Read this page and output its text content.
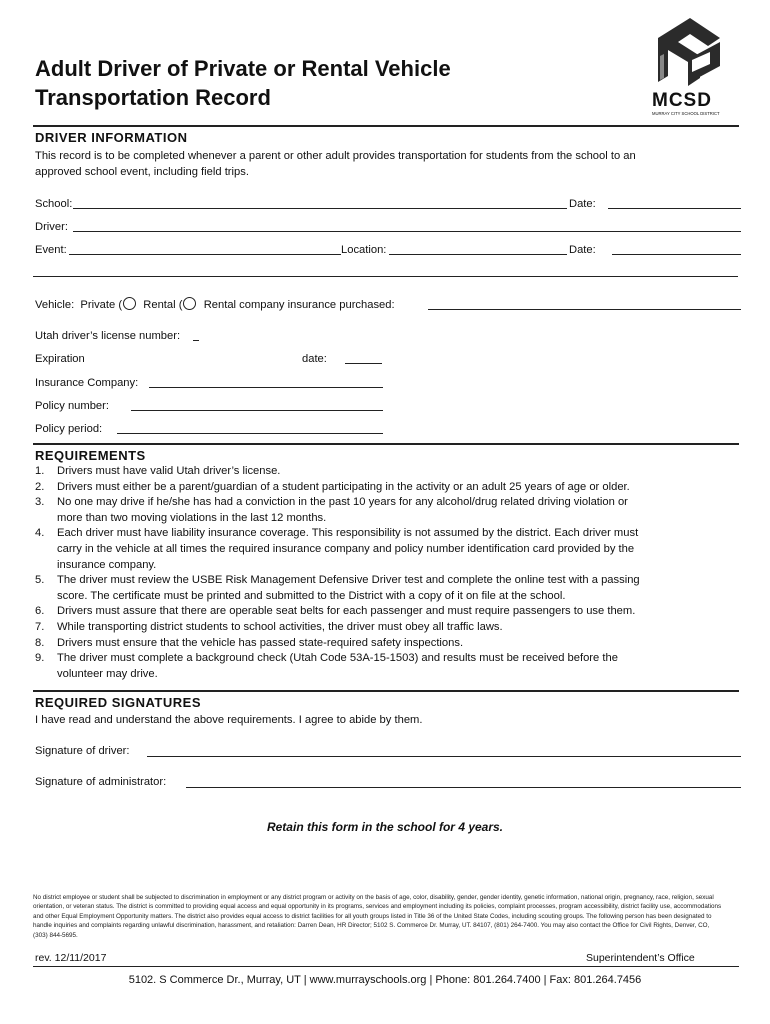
Adult Driver of Private or Rental Vehicle
Transportation Record	MCSD
MURRAY CITY SCHOOL DISTRICT
DRIVER INFORMATION
This record is to be completed whenever a parent or other adult provides transportation for students from the school to an
approved school event, including field trips.
School:	Date:
Driver:
Event:	Location:	Date:
Vehicle: Private ( Rental ( Rental company insurance purchased:
Utah driver’s license number:
Expiration	date:
Insurance Company:
Policy number:
Policy period:
REQUIREMENTS
1.	Drivers must have valid Utah driver’s license.
2.	Drivers must either be a parent/guardian of a student participating in the activity or an adult 25 years of age or older.
3.	No one may drive if he/she has had a conviction in the past 10 years for any alcohol/drug related driving violation or
more than two moving violations in the last 12 months.
4.	Each driver must have liability insurance coverage. This responsibility is not assumed by the district. Each driver must
carry in the vehicle at all times the required insurance company and policy number identification card provided by the
insurance company.
5.	The driver must review the USBE Risk Management Defensive Driver test and complete the online test with a passing
score. The certificate must be printed and submitted to the District with a copy of it on file at the school.
6.	Drivers must assure that there are operable seat belts for each passenger and must require passengers to use them.
7.	While transporting district students to school activities, the driver must obey all traffic laws.
8.	Drivers must ensure that the vehicle has passed state-required safety inspections.
9.	The driver must complete a background check (Utah Code 53A-15-1503) and results must be received before the
volunteer may drive.
REQUIRED SIGNATURES
I have read and understand the above requirements. I agree to abide by them.
Signature of driver:
Signature of administrator:
Retain this form in the school for 4 years.
No district employee or student shall be subjected to discrimination in employment or any district program or activity on the basis of age, color, disability, gender, gender identity, genetic information, national origin, pregnancy, race, religion, sexual orientation, or veteran status. The district is committed to providing equal access and equal opportunity in its programs, services and employment including its policies, complaint processes, program accessibility, district facility use, accommodations and other Equal Employment Opportunity matters. The district also provides equal access to district facilities for all youth groups listed in Title 36 of the United State Codes, including scouting groups. The following person has been designated to handle inquiries and complaints regarding unlawful discrimination, harassment, and retaliation: Darren Dean, HR Director; 5102 S. Commerce Dr. Murray, UT. 84107, (801) 264-7400. You may also contact the Office for Civil Rights, Denver, CO, (303) 844-5695.
rev. 12/11/2017	Superintendent’s Office
5102. S Commerce Dr., Murray, UT | www.murrayschools.org | Phone: 801.264.7400 | Fax: 801.264.7456
